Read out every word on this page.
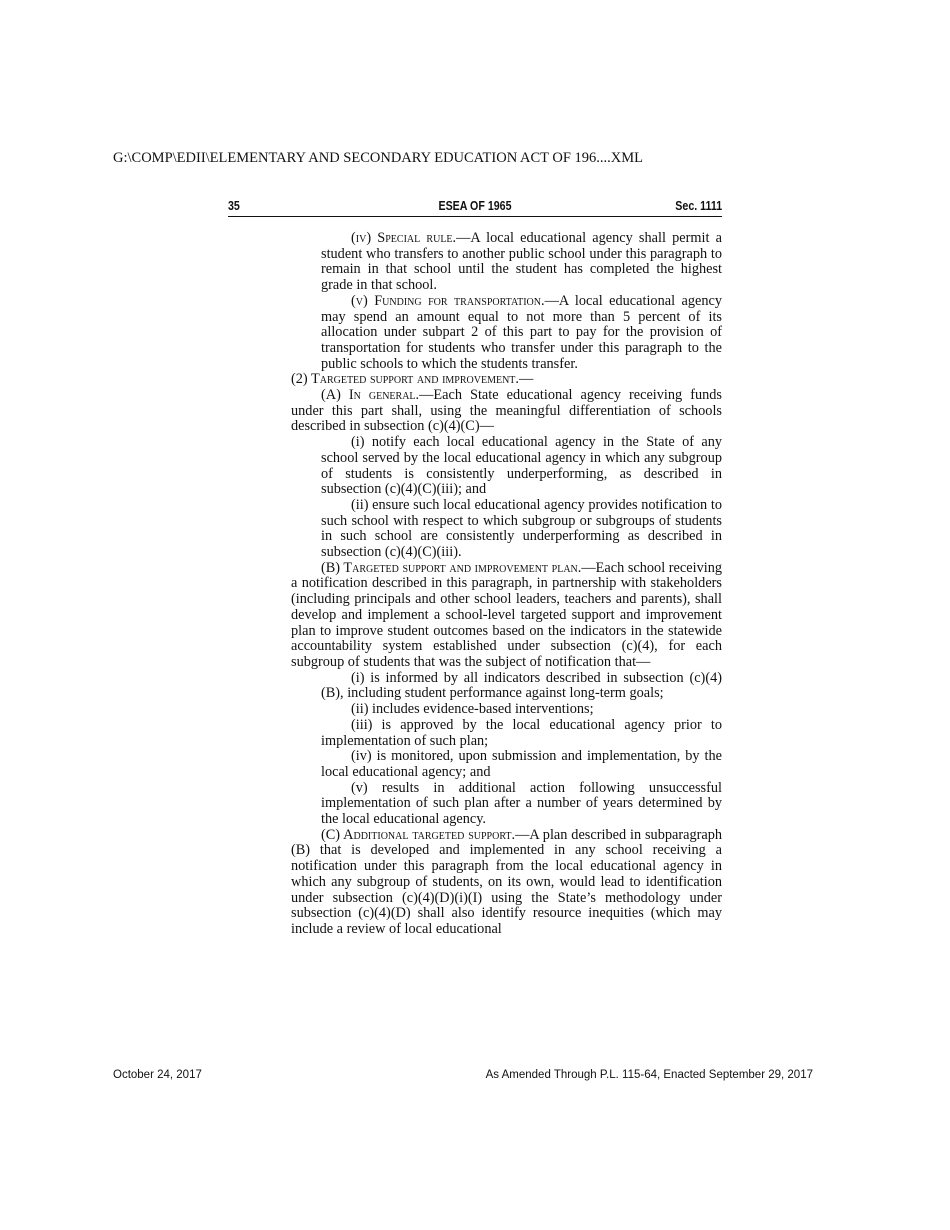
G:\COMP\EDII\ELEMENTARY AND SECONDARY EDUCATION ACT OF 196....XML
35	ESEA OF 1965	Sec. 1111

(iv) Special rule.—A local educational agency shall permit a student who transfers to another public school under this paragraph to remain in that school until the student has completed the highest grade in that school.

(v) Funding for transportation.—A local educational agency may spend an amount equal to not more than 5 percent of its allocation under subpart 2 of this part to pay for the provision of transportation for students who transfer under this paragraph to the public schools to which the students transfer.

(2) Targeted support and improvement.—

(A) In general.—Each State educational agency receiving funds under this part shall, using the meaningful differentiation of schools described in subsection (c)(4)(C)—

(i) notify each local educational agency in the State of any school served by the local educational agency in which any subgroup of students is consistently underperforming, as described in subsection (c)(4)(C)(iii); and

(ii) ensure such local educational agency provides notification to such school with respect to which subgroup or subgroups of students in such school are consistently underperforming as described in subsection (c)(4)(C)(iii).

(B) Targeted support and improvement plan.—Each school receiving a notification described in this paragraph, in partnership with stakeholders (including principals and other school leaders, teachers and parents), shall develop and implement a school-level targeted support and improvement plan to improve student outcomes based on the indicators in the statewide accountability system established under subsection (c)(4), for each subgroup of students that was the subject of notification that—

(i) is informed by all indicators described in subsection (c)(4)(B), including student performance against long-term goals;

(ii) includes evidence-based interventions;

(iii) is approved by the local educational agency prior to implementation of such plan;

(iv) is monitored, upon submission and implementation, by the local educational agency; and

(v) results in additional action following unsuccessful implementation of such plan after a number of years determined by the local educational agency.

(C) Additional targeted support.—A plan described in subparagraph (B) that is developed and implemented in any school receiving a notification under this paragraph from the local educational agency in which any subgroup of students, on its own, would lead to identification under subsection (c)(4)(D)(i)(I) using the State’s methodology under subsection (c)(4)(D) shall also identify resource inequities (which may include a review of local educational

October 24, 2017	As Amended Through P.L. 115-64, Enacted September 29, 2017
